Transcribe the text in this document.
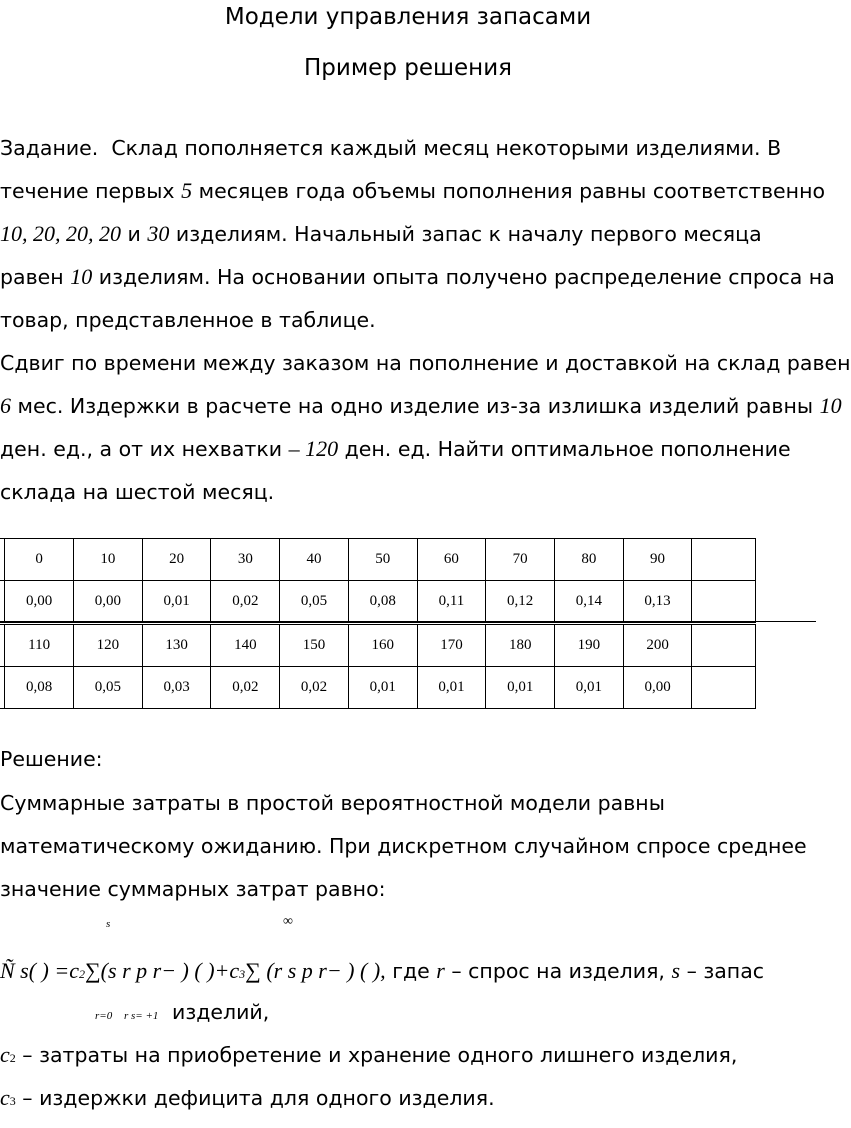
Модели управления запасами
Пример решения
Задание. Склад пополняется каждый месяц некоторыми изделиями. В
течение первых 5 месяцев года объемы пополнения равны соответственно
10, 20, 20, 20 и 30 изделиям. Начальный запас к началу первого месяца
равен 10 изделиям. На основании опыта получено распределение спроса на
товар, представленное в таблице.
Сдвиг по времени между заказом на пополнение и доставкой на склад равен
6 мес. Издержки в расчете на одно изделие из-за излишка изделий равны 10
ден. ед., а от их нехватки – 120 ден. ед. Найти оптимальное пополнение
склада на шестой месяц.
	0	10	20	30	40	50	60	70	80	90	
	0,00	0,00	0,01	0,02	0,05	0,08	0,11	0,12	0,14	0,13	
	110	120	130	140	150	160	170	180	190	200	
	0,08	0,05	0,03	0,02	0,02	0,01	0,01	0,01	0,01	0,00	
Решение:
Суммарные затраты в простой вероятностной модели равны
математическому ожиданию. При дискретном случайном спросе среднее
значение суммарных затрат равно:
s	∞
Ñ s( ) =c2∑(s r p r− ) ( )+c3∑ (r s p r− ) ( ), где r – спрос на изделия, s – запас
r=0 r s= +1 изделий,
c2 – затраты на приобретение и хранение одного лишнего изделия,
c3 – издержки дефицита для одного изделия.
